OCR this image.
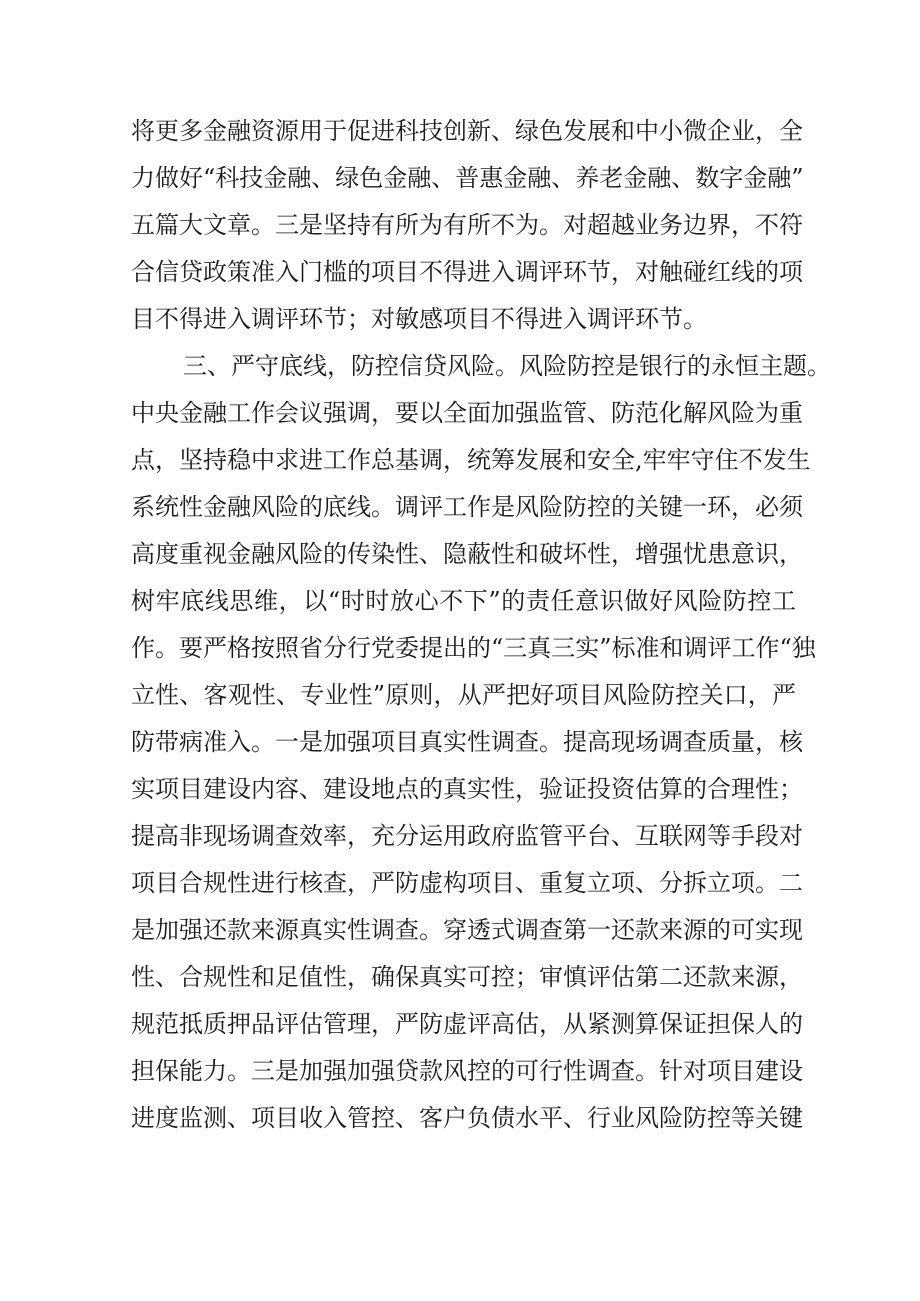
将更多金融资源用于促进科技创新、绿色发展和中小微企业，全
力做好“科技金融、绿色金融、普惠金融、养老金融、数字金融”
五篇大文章。三是坚持有所为有所不为。对超越业务边界，不符
合信贷政策准入门槛的项目不得进入调评环节，对触碰红线的项
目不得进入调评环节；对敏感项目不得进入调评环节。
三、严守底线，防控信贷风险。风险防控是银行的永恒主题。
中央金融工作会议强调，要以全面加强监管、防范化解风险为重
点，坚持稳中求进工作总基调，统筹发展和安全,牢牢守住不发生
系统性金融风险的底线。调评工作是风险防控的关键一环，必须
高度重视金融风险的传染性、隐蔽性和破坏性，增强忧患意识，
树牢底线思维，以“时时放心不下”的责任意识做好风险防控工
作。要严格按照省分行党委提出的“三真三实”标准和调评工作“独
立性、客观性、专业性”原则，从严把好项目风险防控关口，严
防带病准入。一是加强项目真实性调查。提高现场调查质量，核
实项目建设内容、建设地点的真实性，验证投资估算的合理性；
提高非现场调查效率，充分运用政府监管平台、互联网等手段对
项目合规性进行核查，严防虚构项目、重复立项、分拆立项。二
是加强还款来源真实性调查。穿透式调查第一还款来源的可实现
性、合规性和足值性，确保真实可控；审慎评估第二还款来源，
规范抵质押品评估管理，严防虚评高估，从紧测算保证担保人的
担保能力。三是加强加强贷款风控的可行性调查。针对项目建设
进度监测、项目收入管控、客户负债水平、行业风险防控等关键
